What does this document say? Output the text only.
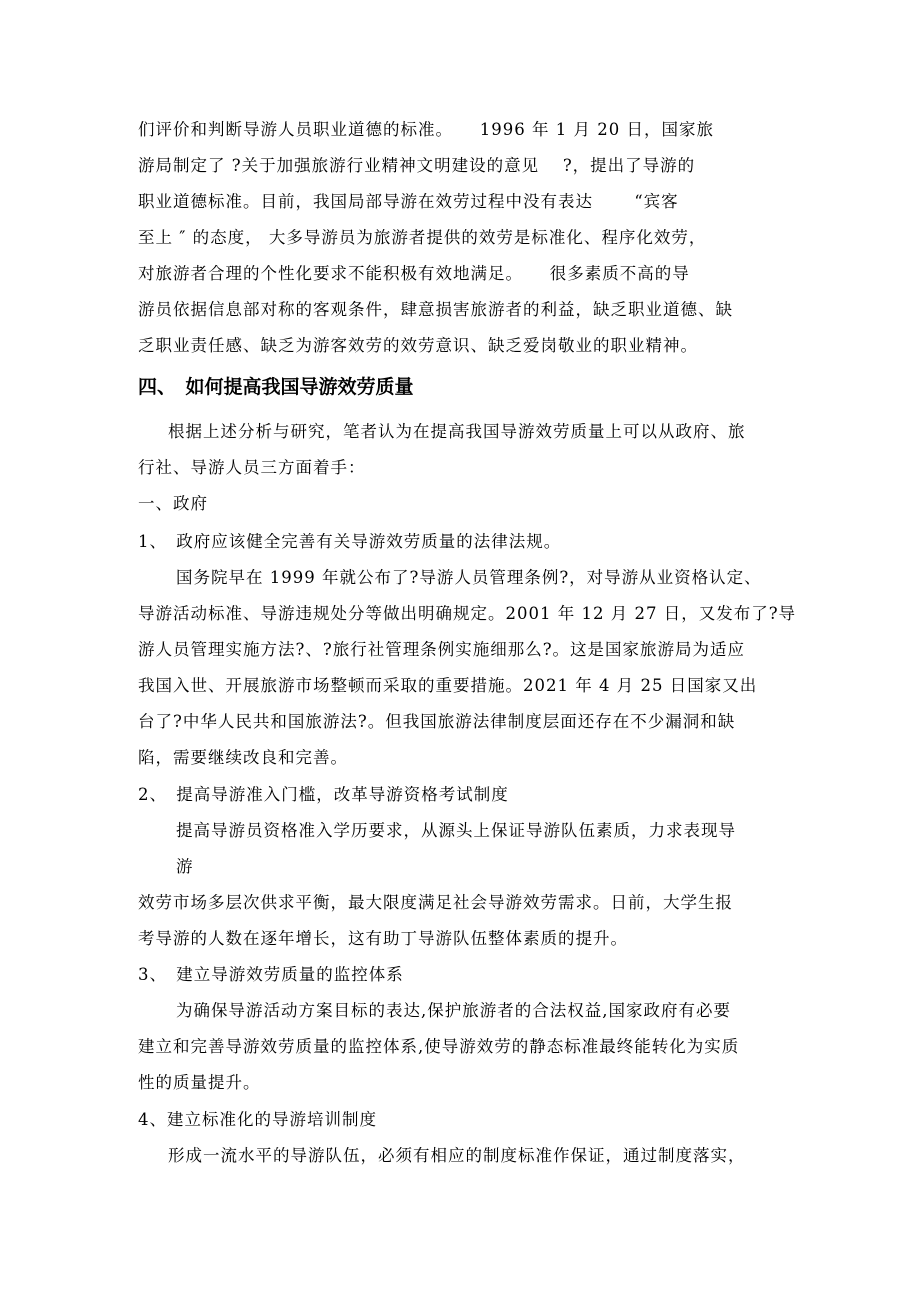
们评价和判断导游人员职业道德的标准。　　1996 年 1 月 20 日，国家旅
游局制定了 ?关于加强旅游行业精神文明建设的意见　 ?，提出了导游的
职业道德标准。目前，我国局部导游在效劳过程中没有表达　　 “宾客
至上 ″ 的态度， 大多导游员为旅游者提供的效劳是标准化、程序化效劳，
对旅游者合理的个性化要求不能积极有效地满足。　　很多素质不高的导
游员依据信息部对称的客观条件，肆意损害旅游者的利益，缺乏职业道德、缺
乏职业责任感、缺乏为游客效劳的效劳意识、缺乏爱岗敬业的职业精神。
四、　如何提高我国导游效劳质量
根据上述分析与研究，笔者认为在提高我国导游效劳质量上可以从政府、旅
行社、导游人员三方面着手：
一、政府
1、　政府应该健全完善有关导游效劳质量的法律法规。
国务院早在 1999 年就公布了?导游人员管理条例?，对导游从业资格认定、
导游活动标准、导游违规处分等做出明确规定。2001 年 12 月 27 日，又发布了?导
游人员管理实施方法?、?旅行社管理条例实施细那么?。这是国家旅游局为适应
我国入世、开展旅游市场整顿而采取的重要措施。2021 年 4 月 25 日国家又出
台了?中华人民共和国旅游法?。但我国旅游法律制度层面还存在不少漏洞和缺
陷，需要继续改良和完善。
2、　提高导游准入门槛，改革导游资格考试制度
提高导游员资格准入学历要求，从源头上保证导游队伍素质，力求表现导
游
效劳市场多层次供求平衡，最大限度满足社会导游效劳需求。日前，大学生报
考导游的人数在逐年增长，这有助丁导游队伍整体素质的提升。
3、　建立导游效劳质量的监控体系
为确保导游活动方案目标的表达,保护旅游者的合法权益,国家政府有必要
建立和完善导游效劳质量的监控体系,使导游效劳的静态标准最终能转化为实质
性的质量提升。
4、建立标准化的导游培训制度
形成一流水平的导游队伍，必须有相应的制度标准作保证，通过制度落实，
